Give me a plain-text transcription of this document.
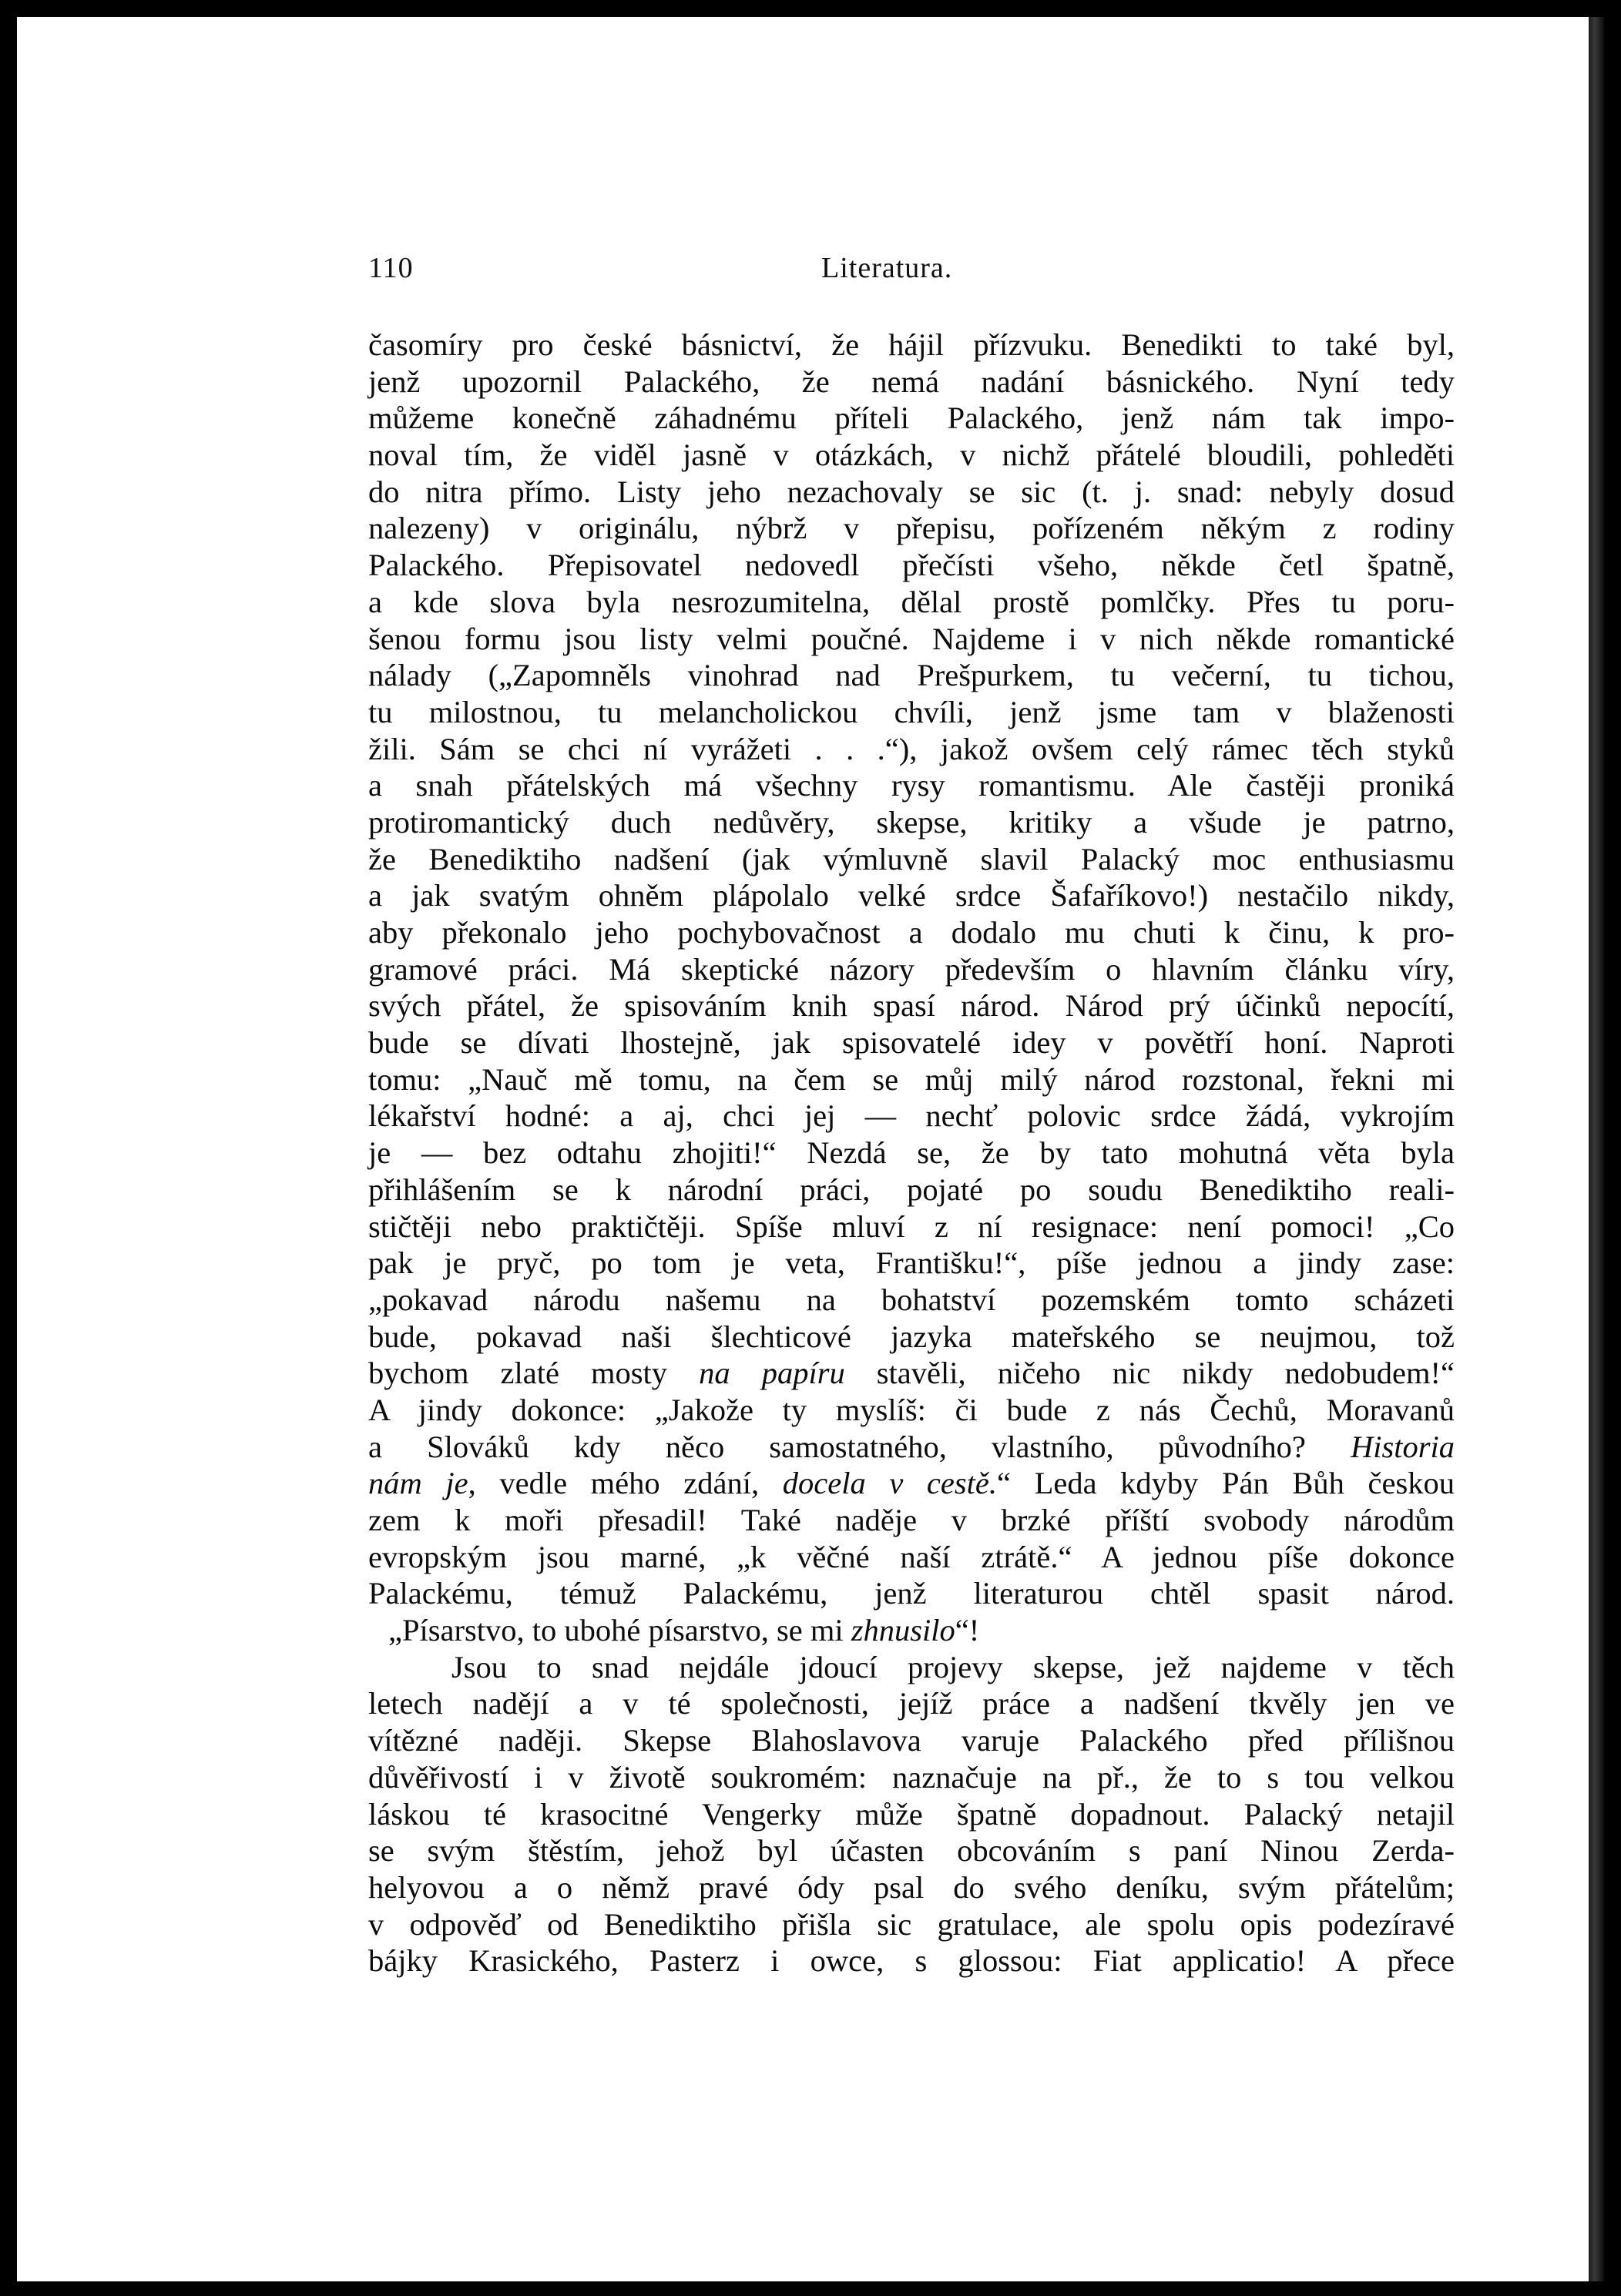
110	Literatura.
časomíry pro české básnictví, že hájil přízvuku. Benedikti to také byl,
jenž upozornil Palackého, že nemá nadání básnického. Nyní tedy
můžeme konečně záhadnému příteli Palackého, jenž nám tak impo-
noval tím, že viděl jasně v otázkách, v nichž přátelé bloudili, pohleděti
do nitra přímo. Listy jeho nezachovaly se sic (t. j. snad: nebyly dosud
nalezeny) v originálu, nýbrž v přepisu, pořízeném někým z rodiny
Palackého. Přepisovatel nedovedl přečísti všeho, někde četl špatně,
a kde slova byla nesrozumitelna, dělal prostě pomlčky. Přes tu poru-
šenou formu jsou listy velmi poučné. Najdeme i v nich někde romantické
nálady („Zapomněls vinohrad nad Prešpurkem, tu večerní, tu tichou,
tu milostnou, tu melancholickou chvíli, jenž jsme tam v blaženosti
žili. Sám se chci ní vyrážeti . . .“), jakož ovšem celý rámec těch styků
a snah přátelských má všechny rysy romantismu. Ale častěji proniká
protiromantický duch nedůvěry, skepse, kritiky a všude je patrno,
že Benediktiho nadšení (jak výmluvně slavil Palacký moc enthusiasmu
a jak svatým ohněm plápolalo velké srdce Šafaříkovo!) nestačilo nikdy,
aby překonalo jeho pochybovačnost a dodalo mu chuti k činu, k pro-
gramové práci. Má skeptické názory především o hlavním článku víry,
svých přátel, že spisováním knih spasí národ. Národ prý účinků nepocítí,
bude se dívati lhostejně, jak spisovatelé idey v povětří honí. Naproti
tomu: „Nauč mě tomu, na čem se můj milý národ rozstonal, řekni mi
lékařství hodné: a aj, chci jej — nechť polovic srdce žádá, vykrojím
je — bez odtahu zhojiti!“ Nezdá se, že by tato mohutná věta byla
přihlášením se k národní práci, pojaté po soudu Benediktiho reali-
stičtěji nebo praktičtěji. Spíše mluví z ní resignace: není pomoci! „Co
pak je pryč, po tom je veta, Františku!“, píše jednou a jindy zase:
„pokavad národu našemu na bohatství pozemském tomto scházeti
bude, pokavad naši šlechticové jazyka mateřského se neujmou, tož
bychom zlaté mosty na papíru stavěli, ničeho nic nikdy nedobudem!“
A jindy dokonce: „Jakože ty myslíš: či bude z nás Čechů, Moravanů
a Slováků kdy něco samostatného, vlastního, původního? Historia
nám je, vedle mého zdání, docela v cestě.“ Leda kdyby Pán Bůh českou
zem k moři přesadil! Také naděje v brzké příští svobody národům
evropským jsou marné, „k věčné naší ztrátě.“ A jednou píše dokonce
Palackému, témuž Palackému, jenž literaturou chtěl spasit národ.
„Písarstvo, to ubohé písarstvo, se mi zhnusilo“!
Jsou to snad nejdále jdoucí projevy skepse, jež najdeme v těch
letech nadějí a v té společnosti, jejíž práce a nadšení tkvěly jen ve
vítězné naději. Skepse Blahoslavova varuje Palackého před přílišnou
důvěřivostí i v životě soukromém: naznačuje na př., že to s tou velkou
láskou té krasocitné Vengerky může špatně dopadnout. Palacký netajil
se svým štěstím, jehož byl účasten obcováním s paní Ninou Zerda-
helyovou a o němž pravé ódy psal do svého deníku, svým přátelům;
v odpověď od Benediktiho přišla sic gratulace, ale spolu opis podezíravé
bájky Krasického, Pasterz i owce, s glossou: Fiat applicatio! A přece
